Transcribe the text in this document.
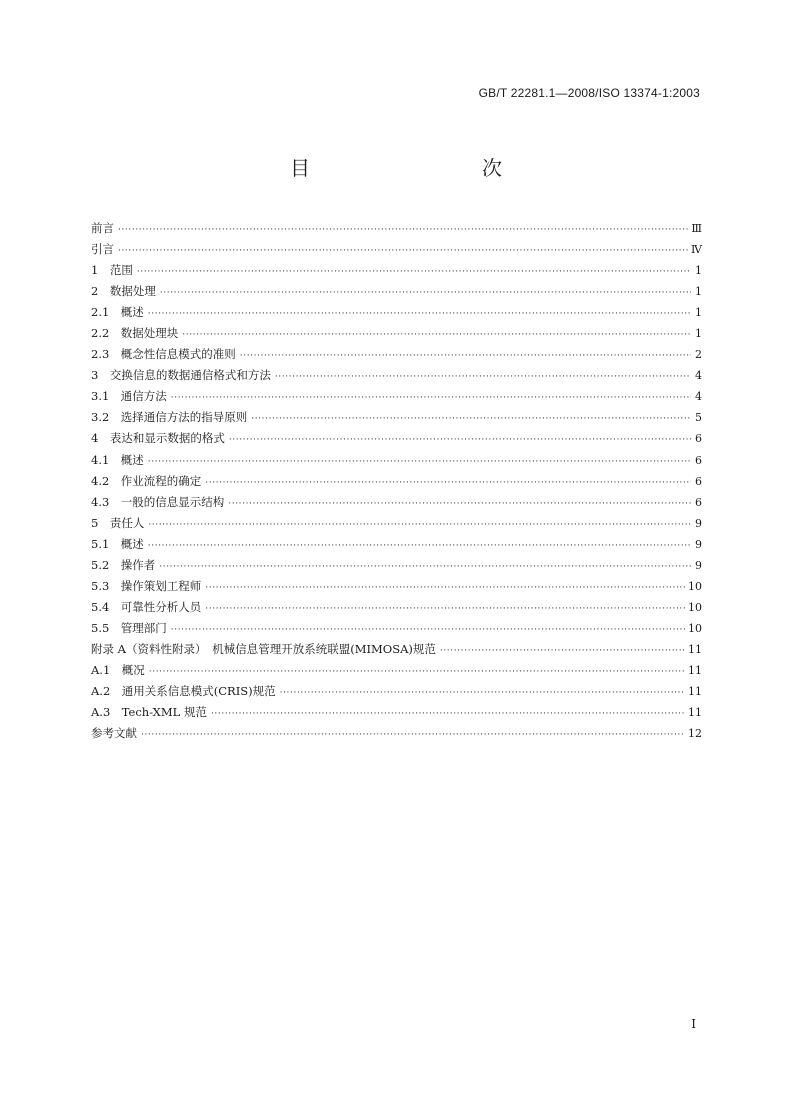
GB/T 22281.1—2008/ISO 13374-1:2003
目　　次
前言 ·····	Ⅲ
引言 ·····	Ⅳ
1　范围 ·····	1
2　数据处理 ·····	1
2.1　概述 ·····	1
2.2　数据处理块 ·····	1
2.3　概念性信息模式的准则 ·····	2
3　交换信息的数据通信格式和方法 ·····	4
3.1　通信方法 ·····	4
3.2　选择通信方法的指导原则 ·····	5
4　表达和显示数据的格式 ·····	6
4.1　概述 ·····	6
4.2　作业流程的确定 ·····	6
4.3　一般的信息显示结构 ·····	6
5　责任人 ·····	9
5.1　概述 ·····	9
5.2　操作者 ·····	9
5.3　操作策划工程师 ·····	10
5.4　可靠性分析人员 ·····	10
5.5　管理部门 ·····	10
附录 A（资料性附录）　机械信息管理开放系统联盟(MIMOSA)规范 ·····	11
A.1　概况 ·····	11
A.2　通用关系信息模式(CRIS)规范 ·····	11
A.3　Tech-XML 规范 ·····	11
参考文献 ·····	12
I
